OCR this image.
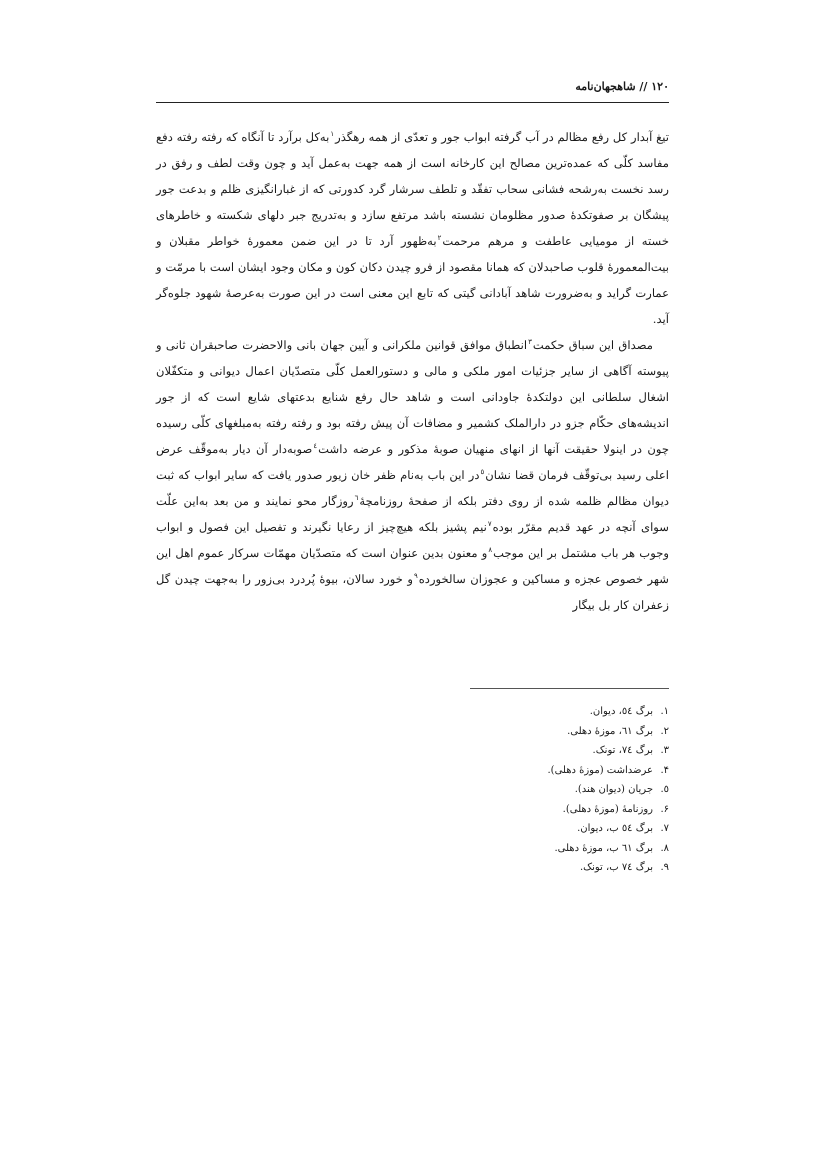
١٢٠ // شاهجهان‌نامه

تیغ آبدار کل رفع مظالم در آب گرفته ابواب جور و تعدّی از همه رهگذر$^١$به‌کل برآرد تا آنگاه که رفته رفته دفع مفاسد کلّی که عمده‌ترین مصالح این کارخانه است از همه جهت به‌عمل آید و چون وقت لطف و رفق در رسد نخست به‌رشحه فشانی سحاب تفقّد و تلطف سرشار گرد کدورتی که از غبارانگیزی ظلم و بدعت جور پیشگان بر صفوتکدهٔ صدور مظلومان نشسته باشد مرتفع سازد و به‌تدریج جبر دلهای شکسته و خاطرهای خسته از مومیایی عاطفت و مرهم مرحمت$^٢$به‌ظهور آرد تا در این ضمن معمورهٔ خواطر مقبلان و بیت‌المعمورهٔ قلوب صاحبدلان که همانا مقصود از فرو چیدن دکان کون و مکان وجود ایشان است با مرمّت و عمارت گراید و به‌ضرورت شاهد آبادانی گیتی که تابع این معنی است در این صورت به‌عرصهٔ شهود جلوه‌گر آید.

مصداق این سباق حکمت$^٣$انطباق موافق قوانین ملکرانی و آیین جهان بانی والاحضرت صاحبقران ثانی و پیوسته آگاهی از سایر جزئیات امور ملکی و مالی و دستورالعمل کلّی متصدّیان اعمال دیوانی و متکفّلان اشغال سلطانی این دولتکدهٔ جاودانی است و شاهد حال رفع شنایع بدعتهای شایع است که از جور اندیشه‌های حکّام جزو در دارالملک کشمیر و مضافات آن پیش رفته بود و رفته رفته به‌مبلغهای کلّی رسیده چون در اینولا حقیقت آنها از انهای منهیان صوبهٔ مذکور و عرضه داشت$^٤$صوبه‌دار آن دیار به‌موقّف عرض اعلی رسید بی‌توقّف فرمان قضا نشان$^٥$در این باب به‌نام ظفر خان زیور صدور یافت که سایر ابواب که ثبت دیوان مظالم ظلمه شده از روی دفتر بلکه از صفحهٔ روزنامچهٔ$^٦$روزگار محو نمایند و من بعد به‌این علّت سوای آنچه در عهد قدیم مقرّر بوده$^٧$نیم پشیز بلکه هیچ‌چیز از رعایا نگیرند و تفصیل این فصول و ابواب وجوب هر باب مشتمل بر این موجب$^٨$و معنون بدین عنوان است که متصدّیان مهمّات سرکار عموم اهل این شهر خصوص عجزه و مساکین و عجوزان سالخورده$^٩$و خورد سالان، بیوهٔ پُردرد بی‌زور را به‌جهت چیدن گل زعفران کار بل بیگار

١.برگ ٥٤، دیوان.
٢.برگ ٦١، موزهٔ دهلی.
٣.برگ ٧٤، تونک.
۴.عرضداشت (موزهٔ دهلی).
٥.جریان (دیوان هند).
۶.روزنامهٔ (موزهٔ دهلی).
٧.برگ ٥٤ ب، دیوان.
٨.برگ ٦١ ب، موزهٔ دهلی.
٩.برگ ٧٤ ب، تونک.
